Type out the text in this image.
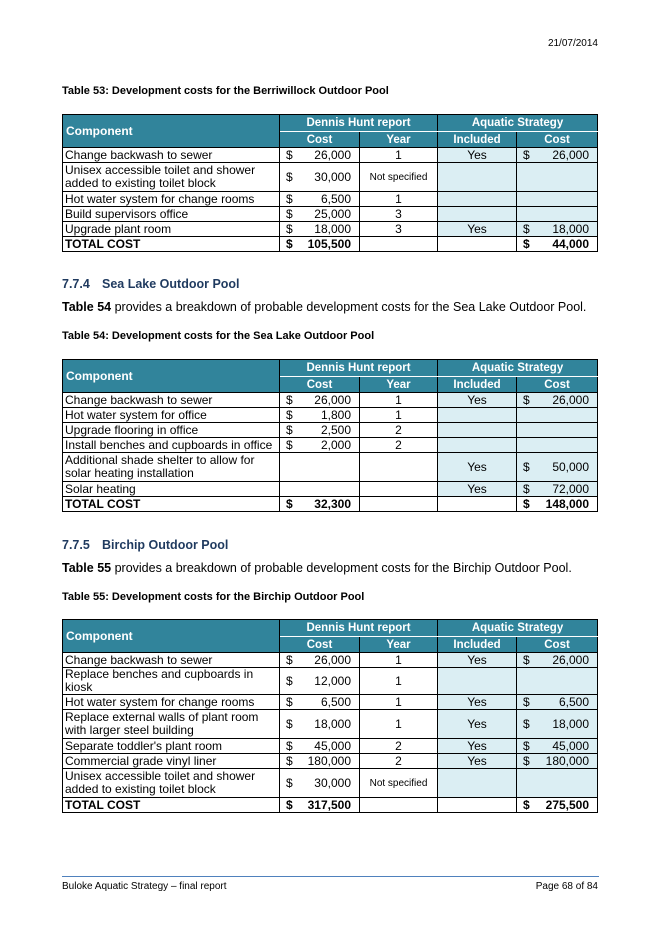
21/07/2014
Table 53: Development costs for the Berriwillock Outdoor Pool
Component	Dennis Hunt report		Aquatic Strategy	
	Cost	Year	Included	Cost
Change backwash to sewer	$ 26,000	1	Yes	$ 26,000

Unisex accessible toilet and shower added to existing toilet block	$ 30,000	Not specified		

Hot water system for change rooms	$ 6,500	1		

Build supervisors office	$ 25,000	3		

Upgrade plant room	$ 18,000	3	Yes	$ 18,000

TOTAL COST	$ 105,500			$ 44,000
7.7.4 Sea Lake Outdoor Pool
Table 54 provides a breakdown of probable development costs for the Sea Lake Outdoor Pool.
Table 54: Development costs for the Sea Lake Outdoor Pool
Component	Dennis Hunt report		Aquatic Strategy	
	Cost	Year	Included	Cost
Change backwash to sewer	$ 26,000	1	Yes	$ 26,000

Hot water system for office	$ 1,800	1		

Upgrade flooring in office	$ 2,500	2		

Install benches and cupboards in office	$ 2,000	2		

Additional shade shelter to allow for solar heating installation			Yes	$ 50,000

Solar heating			Yes	$ 72,000

TOTAL COST	$ 32,300			$ 148,000
7.7.5 Birchip Outdoor Pool
Table 55 provides a breakdown of probable development costs for the Birchip Outdoor Pool.
Table 55: Development costs for the Birchip Outdoor Pool
Component	Dennis Hunt report		Aquatic Strategy	
	Cost	Year	Included	Cost
Change backwash to sewer	$ 26,000	1	Yes	$ 26,000

Replace benches and cupboards in kiosk	$ 12,000	1		

Hot water system for change rooms	$ 6,500	1	Yes	$ 6,500

Replace external walls of plant room with larger steel building	$ 18,000	1	Yes	$ 18,000

Separate toddler's plant room	$ 45,000	2	Yes	$ 45,000

Commercial grade vinyl liner	$ 180,000	2	Yes	$ 180,000

Unisex accessible toilet and shower added to existing toilet block	$ 30,000	Not specified		

TOTAL COST	$ 317,500			$ 275,500
Buloke Aquatic Strategy – final report	Page 68 of 84
